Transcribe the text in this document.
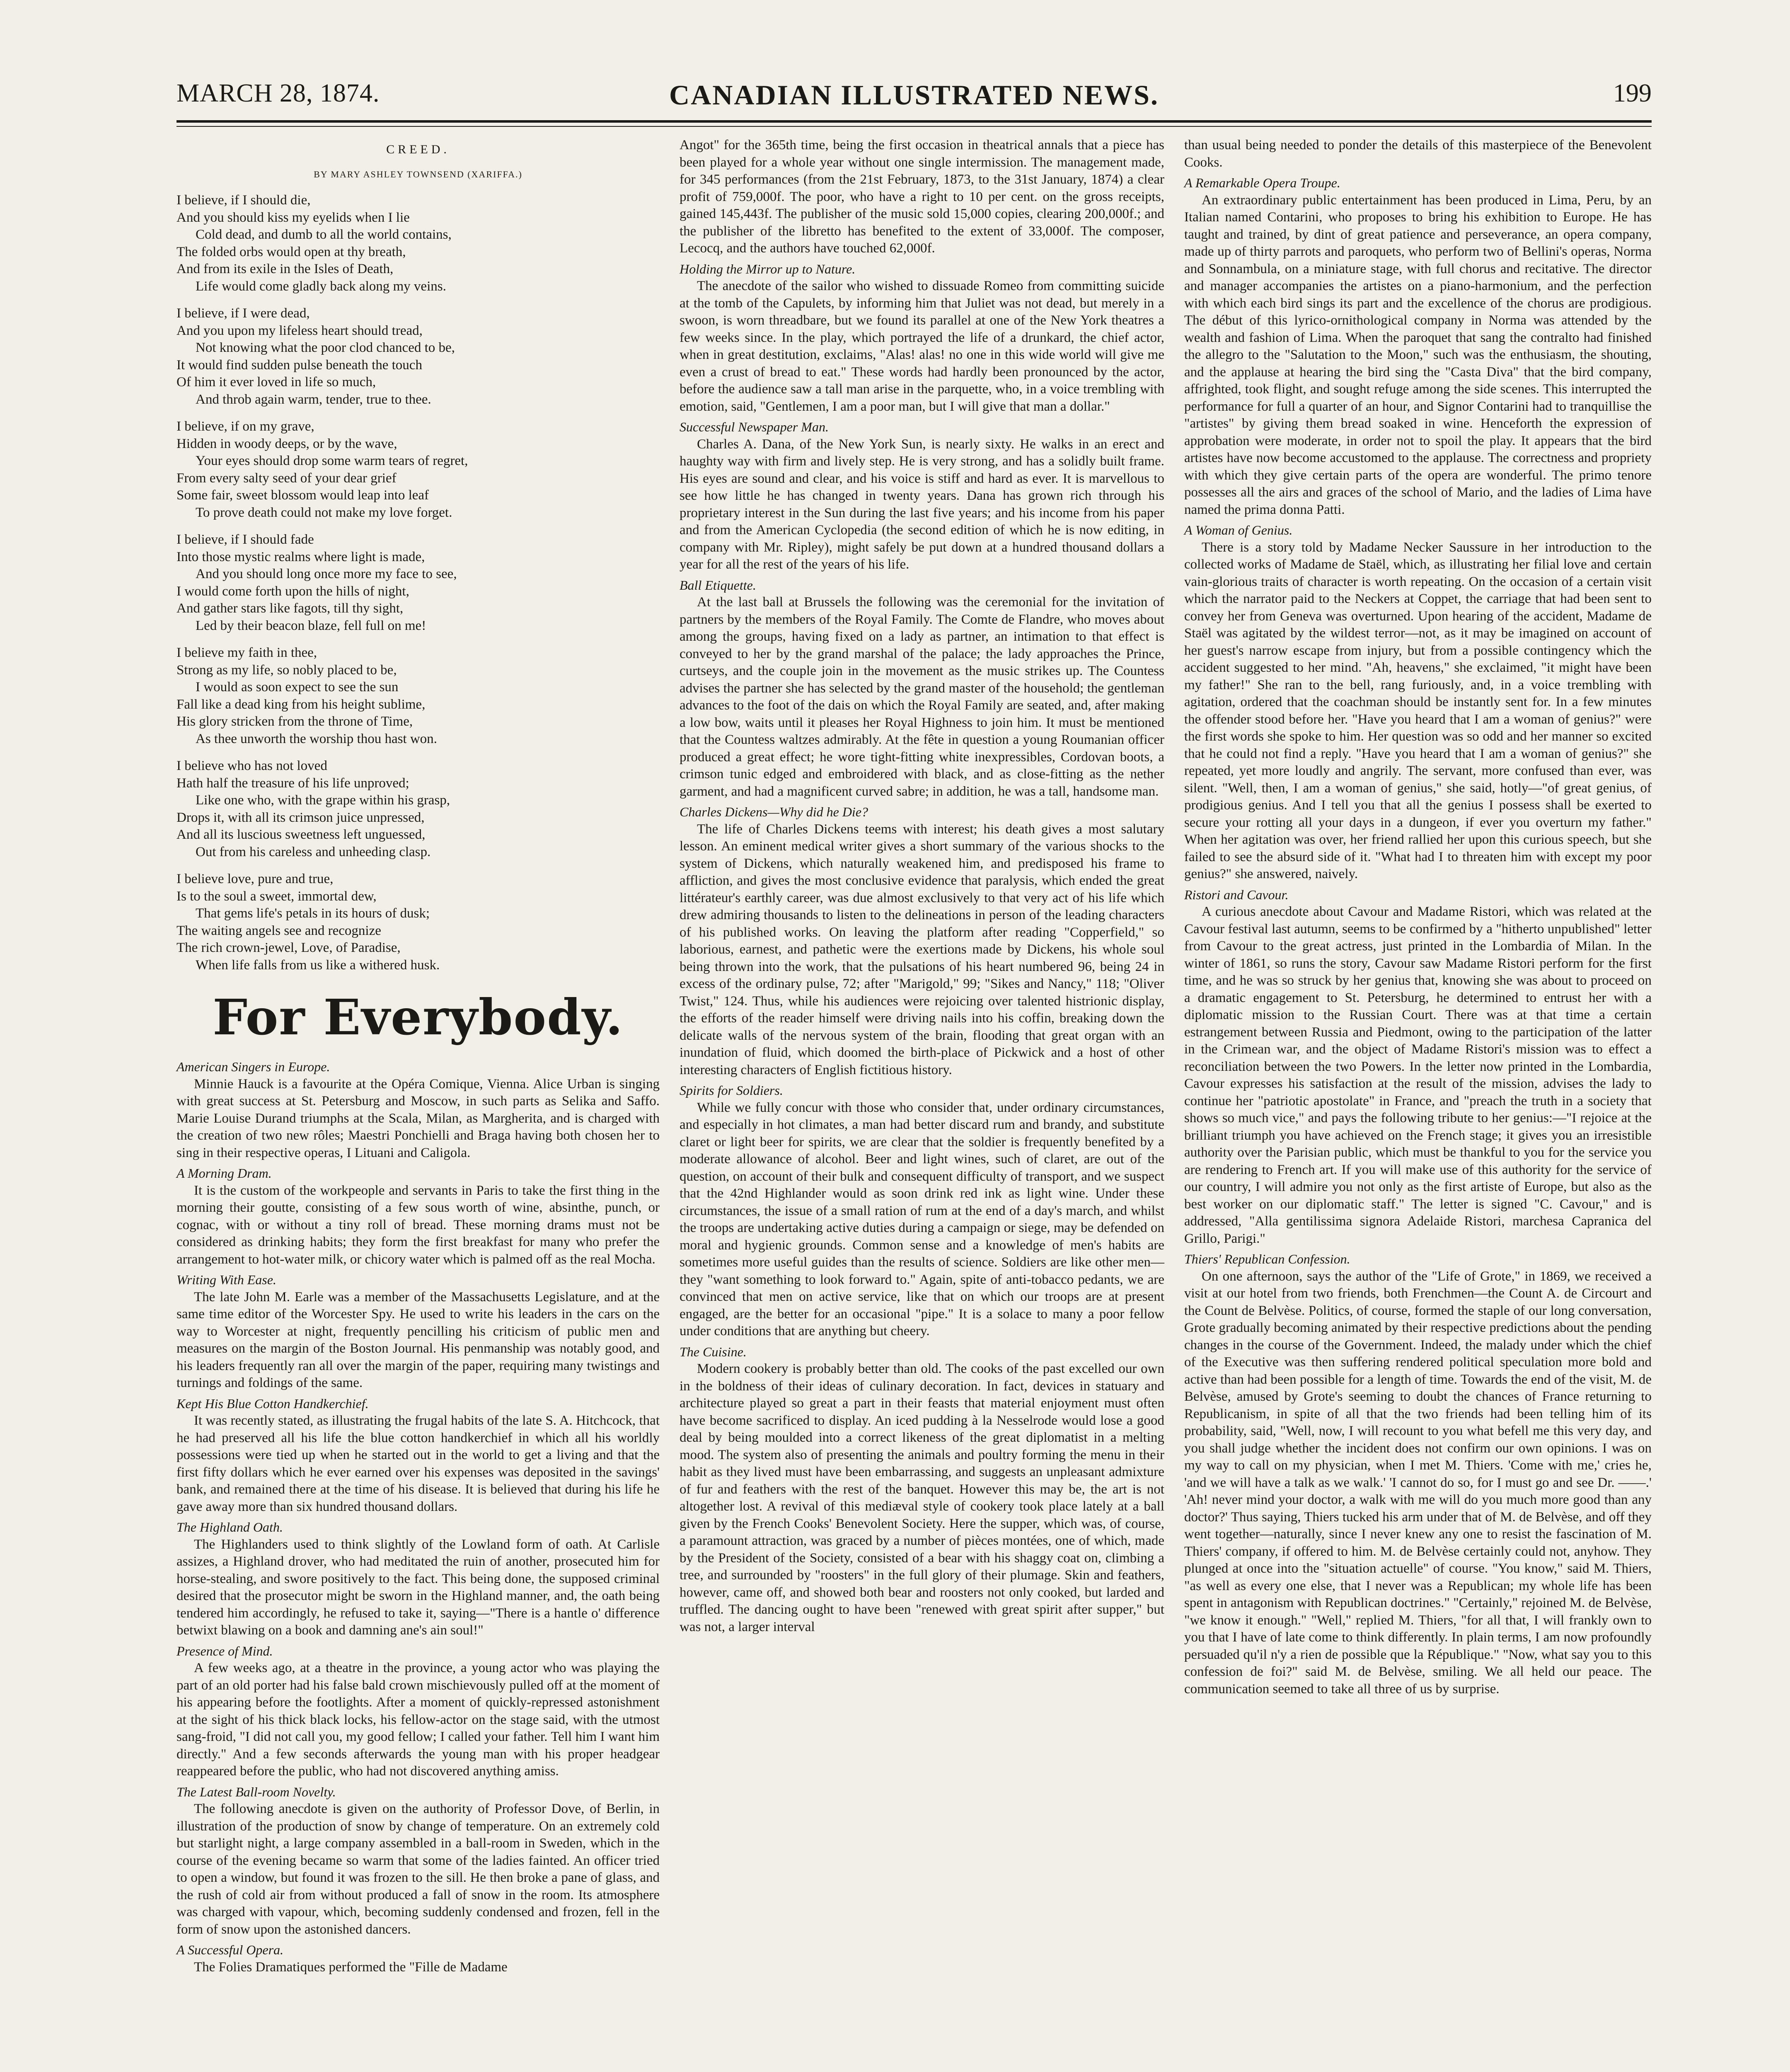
MARCH 28, 1874.	CANADIAN ILLUSTRATED NEWS.	199
CREED.
BY MARY ASHLEY TOWNSEND (XARIFFA.)
I believe, if I should die,
And you should kiss my eyelids when I lie
Cold dead, and dumb to all the world contains,
The folded orbs would open at thy breath,
And from its exile in the Isles of Death,
Life would come gladly back along my veins.
I believe, if I were dead,
And you upon my lifeless heart should tread,
Not knowing what the poor clod chanced to be,
It would find sudden pulse beneath the touch
Of him it ever loved in life so much,
And throb again warm, tender, true to thee.
I believe, if on my grave,
Hidden in woody deeps, or by the wave,
Your eyes should drop some warm tears of regret,
From every salty seed of your dear grief
Some fair, sweet blossom would leap into leaf
To prove death could not make my love forget.
I believe, if I should fade
Into those mystic realms where light is made,
And you should long once more my face to see,
I would come forth upon the hills of night,
And gather stars like fagots, till thy sight,
Led by their beacon blaze, fell full on me!
I believe my faith in thee,
Strong as my life, so nobly placed to be,
I would as soon expect to see the sun
Fall like a dead king from his height sublime,
His glory stricken from the throne of Time,
As thee unworth the worship thou hast won.
I believe who has not loved
Hath half the treasure of his life unproved;
Like one who, with the grape within his grasp,
Drops it, with all its crimson juice unpressed,
And all its luscious sweetness left unguessed,
Out from his careless and unheeding clasp.
I believe love, pure and true,
Is to the soul a sweet, immortal dew,
That gems life's petals in its hours of dusk;
The waiting angels see and recognize
The rich crown-jewel, Love, of Paradise,
When life falls from us like a withered husk.
For Everybody.
American Singers in Europe.

Minnie Hauck is a favourite at the Opéra Comique, Vienna. Alice Urban is singing with great success at St. Petersburg and Moscow, in such parts as Selika and Saffo. Marie Louise Durand triumphs at the Scala, Milan, as Margherita, and is charged with the creation of two new rôles; Maestri Ponchielli and Braga having both chosen her to sing in their respective operas, I Lituani and Caligola.

A Morning Dram.

It is the custom of the workpeople and servants in Paris to take the first thing in the morning their goutte, consisting of a few sous worth of wine, absinthe, punch, or cognac, with or without a tiny roll of bread. These morning drams must not be considered as drinking habits; they form the first breakfast for many who prefer the arrangement to hot-water milk, or chicory water which is palmed off as the real Mocha.

Writing With Ease.

The late John M. Earle was a member of the Massachusetts Legislature, and at the same time editor of the Worcester Spy. He used to write his leaders in the cars on the way to Worcester at night, frequently pencilling his criticism of public men and measures on the margin of the Boston Journal. His penmanship was notably good, and his leaders frequently ran all over the margin of the paper, requiring many twistings and turnings and foldings of the same.

Kept His Blue Cotton Handkerchief.

It was recently stated, as illustrating the frugal habits of the late S. A. Hitchcock, that he had preserved all his life the blue cotton handkerchief in which all his worldly possessions were tied up when he started out in the world to get a living and that the first fifty dollars which he ever earned over his expenses was deposited in the savings' bank, and remained there at the time of his disease. It is believed that during his life he gave away more than six hundred thousand dollars.

The Highland Oath.

The Highlanders used to think slightly of the Lowland form of oath. At Carlisle assizes, a Highland drover, who had meditated the ruin of another, prosecuted him for horse-stealing, and swore positively to the fact. This being done, the supposed criminal desired that the prosecutor might be sworn in the Highland manner, and, the oath being tendered him accordingly, he refused to take it, saying—"There is a hantle o' difference betwixt blawing on a book and damning ane's ain soul!"

Presence of Mind.

A few weeks ago, at a theatre in the province, a young actor who was playing the part of an old porter had his false bald crown mischievously pulled off at the moment of his appearing before the footlights. After a moment of quickly-repressed astonishment at the sight of his thick black locks, his fellow-actor on the stage said, with the utmost sang-froid, "I did not call you, my good fellow; I called your father. Tell him I want him directly." And a few seconds afterwards the young man with his proper headgear reappeared before the public, who had not discovered anything amiss.

The Latest Ball-room Novelty.

The following anecdote is given on the authority of Professor Dove, of Berlin, in illustration of the production of snow by change of temperature. On an extremely cold but starlight night, a large company assembled in a ball-room in Sweden, which in the course of the evening became so warm that some of the ladies fainted. An officer tried to open a window, but found it was frozen to the sill. He then broke a pane of glass, and the rush of cold air from without produced a fall of snow in the room. Its atmosphere was charged with vapour, which, becoming suddenly condensed and frozen, fell in the form of snow upon the astonished dancers.

A Successful Opera.

The Folies Dramatiques performed the "Fille de Madame

Angot" for the 365th time, being the first occasion in theatrical annals that a piece has been played for a whole year without one single intermission. The management made, for 345 performances (from the 21st February, 1873, to the 31st January, 1874) a clear profit of 759,000f. The poor, who have a right to 10 per cent. on the gross receipts, gained 145,443f. The publisher of the music sold 15,000 copies, clearing 200,000f.; and the publisher of the libretto has benefited to the extent of 33,000f. The composer, Lecocq, and the authors have touched 62,000f.

Holding the Mirror up to Nature.

The anecdote of the sailor who wished to dissuade Romeo from committing suicide at the tomb of the Capulets, by informing him that Juliet was not dead, but merely in a swoon, is worn threadbare, but we found its parallel at one of the New York theatres a few weeks since. In the play, which portrayed the life of a drunkard, the chief actor, when in great destitution, exclaims, "Alas! alas! no one in this wide world will give me even a crust of bread to eat." These words had hardly been pronounced by the actor, before the audience saw a tall man arise in the parquette, who, in a voice trembling with emotion, said, "Gentlemen, I am a poor man, but I will give that man a dollar."

Successful Newspaper Man.

Charles A. Dana, of the New York Sun, is nearly sixty. He walks in an erect and haughty way with firm and lively step. He is very strong, and has a solidly built frame. His eyes are sound and clear, and his voice is stiff and hard as ever. It is marvellous to see how little he has changed in twenty years. Dana has grown rich through his proprietary interest in the Sun during the last five years; and his income from his paper and from the American Cyclopedia (the second edition of which he is now editing, in company with Mr. Ripley), might safely be put down at a hundred thousand dollars a year for all the rest of the years of his life.

Ball Etiquette.

At the last ball at Brussels the following was the ceremonial for the invitation of partners by the members of the Royal Family. The Comte de Flandre, who moves about among the groups, having fixed on a lady as partner, an intimation to that effect is conveyed to her by the grand marshal of the palace; the lady approaches the Prince, curtseys, and the couple join in the movement as the music strikes up. The Countess advises the partner she has selected by the grand master of the household; the gentleman advances to the foot of the dais on which the Royal Family are seated, and, after making a low bow, waits until it pleases her Royal Highness to join him. It must be mentioned that the Countess waltzes admirably. At the fête in question a young Roumanian officer produced a great effect; he wore tight-fitting white inexpressibles, Cordovan boots, a crimson tunic edged and embroidered with black, and as close-fitting as the nether garment, and had a magnificent curved sabre; in addition, he was a tall, handsome man.

Charles Dickens—Why did he Die?

The life of Charles Dickens teems with interest; his death gives a most salutary lesson. An eminent medical writer gives a short summary of the various shocks to the system of Dickens, which naturally weakened him, and predisposed his frame to affliction, and gives the most conclusive evidence that paralysis, which ended the great littérateur's earthly career, was due almost exclusively to that very act of his life which drew admiring thousands to listen to the delineations in person of the leading characters of his published works. On leaving the platform after reading "Copperfield," so laborious, earnest, and pathetic were the exertions made by Dickens, his whole soul being thrown into the work, that the pulsations of his heart numbered 96, being 24 in excess of the ordinary pulse, 72; after "Marigold," 99; "Sikes and Nancy," 118; "Oliver Twist," 124. Thus, while his audiences were rejoicing over talented histrionic display, the efforts of the reader himself were driving nails into his coffin, breaking down the delicate walls of the nervous system of the brain, flooding that great organ with an inundation of fluid, which doomed the birth-place of Pickwick and a host of other interesting characters of English fictitious history.

Spirits for Soldiers.

While we fully concur with those who consider that, under ordinary circumstances, and especially in hot climates, a man had better discard rum and brandy, and substitute claret or light beer for spirits, we are clear that the soldier is frequently benefited by a moderate allowance of alcohol. Beer and light wines, such of claret, are out of the question, on account of their bulk and consequent difficulty of transport, and we suspect that the 42nd Highlander would as soon drink red ink as light wine. Under these circumstances, the issue of a small ration of rum at the end of a day's march, and whilst the troops are undertaking active duties during a campaign or siege, may be defended on moral and hygienic grounds. Common sense and a knowledge of men's habits are sometimes more useful guides than the results of science. Soldiers are like other men—they "want something to look forward to." Again, spite of anti-tobacco pedants, we are convinced that men on active service, like that on which our troops are at present engaged, are the better for an occasional "pipe." It is a solace to many a poor fellow under conditions that are anything but cheery.

The Cuisine.

Modern cookery is probably better than old. The cooks of the past excelled our own in the boldness of their ideas of culinary decoration. In fact, devices in statuary and architecture played so great a part in their feasts that material enjoyment must often have become sacrificed to display. An iced pudding à la Nesselrode would lose a good deal by being moulded into a correct likeness of the great diplomatist in a melting mood. The system also of presenting the animals and poultry forming the menu in their habit as they lived must have been embarrassing, and suggests an unpleasant admixture of fur and feathers with the rest of the banquet. However this may be, the art is not altogether lost. A revival of this mediæval style of cookery took place lately at a ball given by the French Cooks' Benevolent Society. Here the supper, which was, of course, a paramount attraction, was graced by a number of pièces montées, one of which, made by the President of the Society, consisted of a bear with his shaggy coat on, climbing a tree, and surrounded by "roosters" in the full glory of their plumage. Skin and feathers, however, came off, and showed both bear and roosters not only cooked, but larded and truffled. The dancing ought to have been "renewed with great spirit after supper," but was not, a larger interval

than usual being needed to ponder the details of this masterpiece of the Benevolent Cooks.

A Remarkable Opera Troupe.

An extraordinary public entertainment has been produced in Lima, Peru, by an Italian named Contarini, who proposes to bring his exhibition to Europe. He has taught and trained, by dint of great patience and perseverance, an opera company, made up of thirty parrots and paroquets, who perform two of Bellini's operas, Norma and Sonnambula, on a miniature stage, with full chorus and recitative. The director and manager accompanies the artistes on a piano-harmonium, and the perfection with which each bird sings its part and the excellence of the chorus are prodigious. The début of this lyrico-ornithological company in Norma was attended by the wealth and fashion of Lima. When the paroquet that sang the contralto had finished the allegro to the "Salutation to the Moon," such was the enthusiasm, the shouting, and the applause at hearing the bird sing the "Casta Diva" that the bird company, affrighted, took flight, and sought refuge among the side scenes. This interrupted the performance for full a quarter of an hour, and Signor Contarini had to tranquillise the "artistes" by giving them bread soaked in wine. Henceforth the expression of approbation were moderate, in order not to spoil the play. It appears that the bird artistes have now become accustomed to the applause. The correctness and propriety with which they give certain parts of the opera are wonderful. The primo tenore possesses all the airs and graces of the school of Mario, and the ladies of Lima have named the prima donna Patti.

A Woman of Genius.

There is a story told by Madame Necker Saussure in her introduction to the collected works of Madame de Staël, which, as illustrating her filial love and certain vain-glorious traits of character is worth repeating. On the occasion of a certain visit which the narrator paid to the Neckers at Coppet, the carriage that had been sent to convey her from Geneva was overturned. Upon hearing of the accident, Madame de Staël was agitated by the wildest terror—not, as it may be imagined on account of her guest's narrow escape from injury, but from a possible contingency which the accident suggested to her mind. "Ah, heavens," she exclaimed, "it might have been my father!" She ran to the bell, rang furiously, and, in a voice trembling with agitation, ordered that the coachman should be instantly sent for. In a few minutes the offender stood before her. "Have you heard that I am a woman of genius?" were the first words she spoke to him. Her question was so odd and her manner so excited that he could not find a reply. "Have you heard that I am a woman of genius?" she repeated, yet more loudly and angrily. The servant, more confused than ever, was silent. "Well, then, I am a woman of genius," she said, hotly—"of great genius, of prodigious genius. And I tell you that all the genius I possess shall be exerted to secure your rotting all your days in a dungeon, if ever you overturn my father." When her agitation was over, her friend rallied her upon this curious speech, but she failed to see the absurd side of it. "What had I to threaten him with except my poor genius?" she answered, naively.

Ristori and Cavour.

A curious anecdote about Cavour and Madame Ristori, which was related at the Cavour festival last autumn, seems to be confirmed by a "hitherto unpublished" letter from Cavour to the great actress, just printed in the Lombardia of Milan. In the winter of 1861, so runs the story, Cavour saw Madame Ristori perform for the first time, and he was so struck by her genius that, knowing she was about to proceed on a dramatic engagement to St. Petersburg, he determined to entrust her with a diplomatic mission to the Russian Court. There was at that time a certain estrangement between Russia and Piedmont, owing to the participation of the latter in the Crimean war, and the object of Madame Ristori's mission was to effect a reconciliation between the two Powers. In the letter now printed in the Lombardia, Cavour expresses his satisfaction at the result of the mission, advises the lady to continue her "patriotic apostolate" in France, and "preach the truth in a society that shows so much vice," and pays the following tribute to her genius:—"I rejoice at the brilliant triumph you have achieved on the French stage; it gives you an irresistible authority over the Parisian public, which must be thankful to you for the service you are rendering to French art. If you will make use of this authority for the service of our country, I will admire you not only as the first artiste of Europe, but also as the best worker on our diplomatic staff." The letter is signed "C. Cavour," and is addressed, "Alla gentilissima signora Adelaide Ristori, marchesa Capranica del Grillo, Parigi."

Thiers' Republican Confession.

On one afternoon, says the author of the "Life of Grote," in 1869, we received a visit at our hotel from two friends, both Frenchmen—the Count A. de Circourt and the Count de Belvèse. Politics, of course, formed the staple of our long conversation, Grote gradually becoming animated by their respective predictions about the pending changes in the course of the Government. Indeed, the malady under which the chief of the Executive was then suffering rendered political speculation more bold and active than had been possible for a length of time. Towards the end of the visit, M. de Belvèse, amused by Grote's seeming to doubt the chances of France returning to Republicanism, in spite of all that the two friends had been telling him of its probability, said, "Well, now, I will recount to you what befell me this very day, and you shall judge whether the incident does not confirm our own opinions. I was on my way to call on my physician, when I met M. Thiers. 'Come with me,' cries he, 'and we will have a talk as we walk.' 'I cannot do so, for I must go and see Dr. ——.' 'Ah! never mind your doctor, a walk with me will do you much more good than any doctor?' Thus saying, Thiers tucked his arm under that of M. de Belvèse, and off they went together—naturally, since I never knew any one to resist the fascination of M. Thiers' company, if offered to him. M. de Belvèse certainly could not, anyhow. They plunged at once into the "situation actuelle" of course. "You know," said M. Thiers, "as well as every one else, that I never was a Republican; my whole life has been spent in antagonism with Republican doctrines." "Certainly," rejoined M. de Belvèse, "we know it enough." "Well," replied M. Thiers, "for all that, I will frankly own to you that I have of late come to think differently. In plain terms, I am now profoundly persuaded qu'il n'y a rien de possible que la République." "Now, what say you to this confession de foi?" said M. de Belvèse, smiling. We all held our peace. The communication seemed to take all three of us by surprise.
